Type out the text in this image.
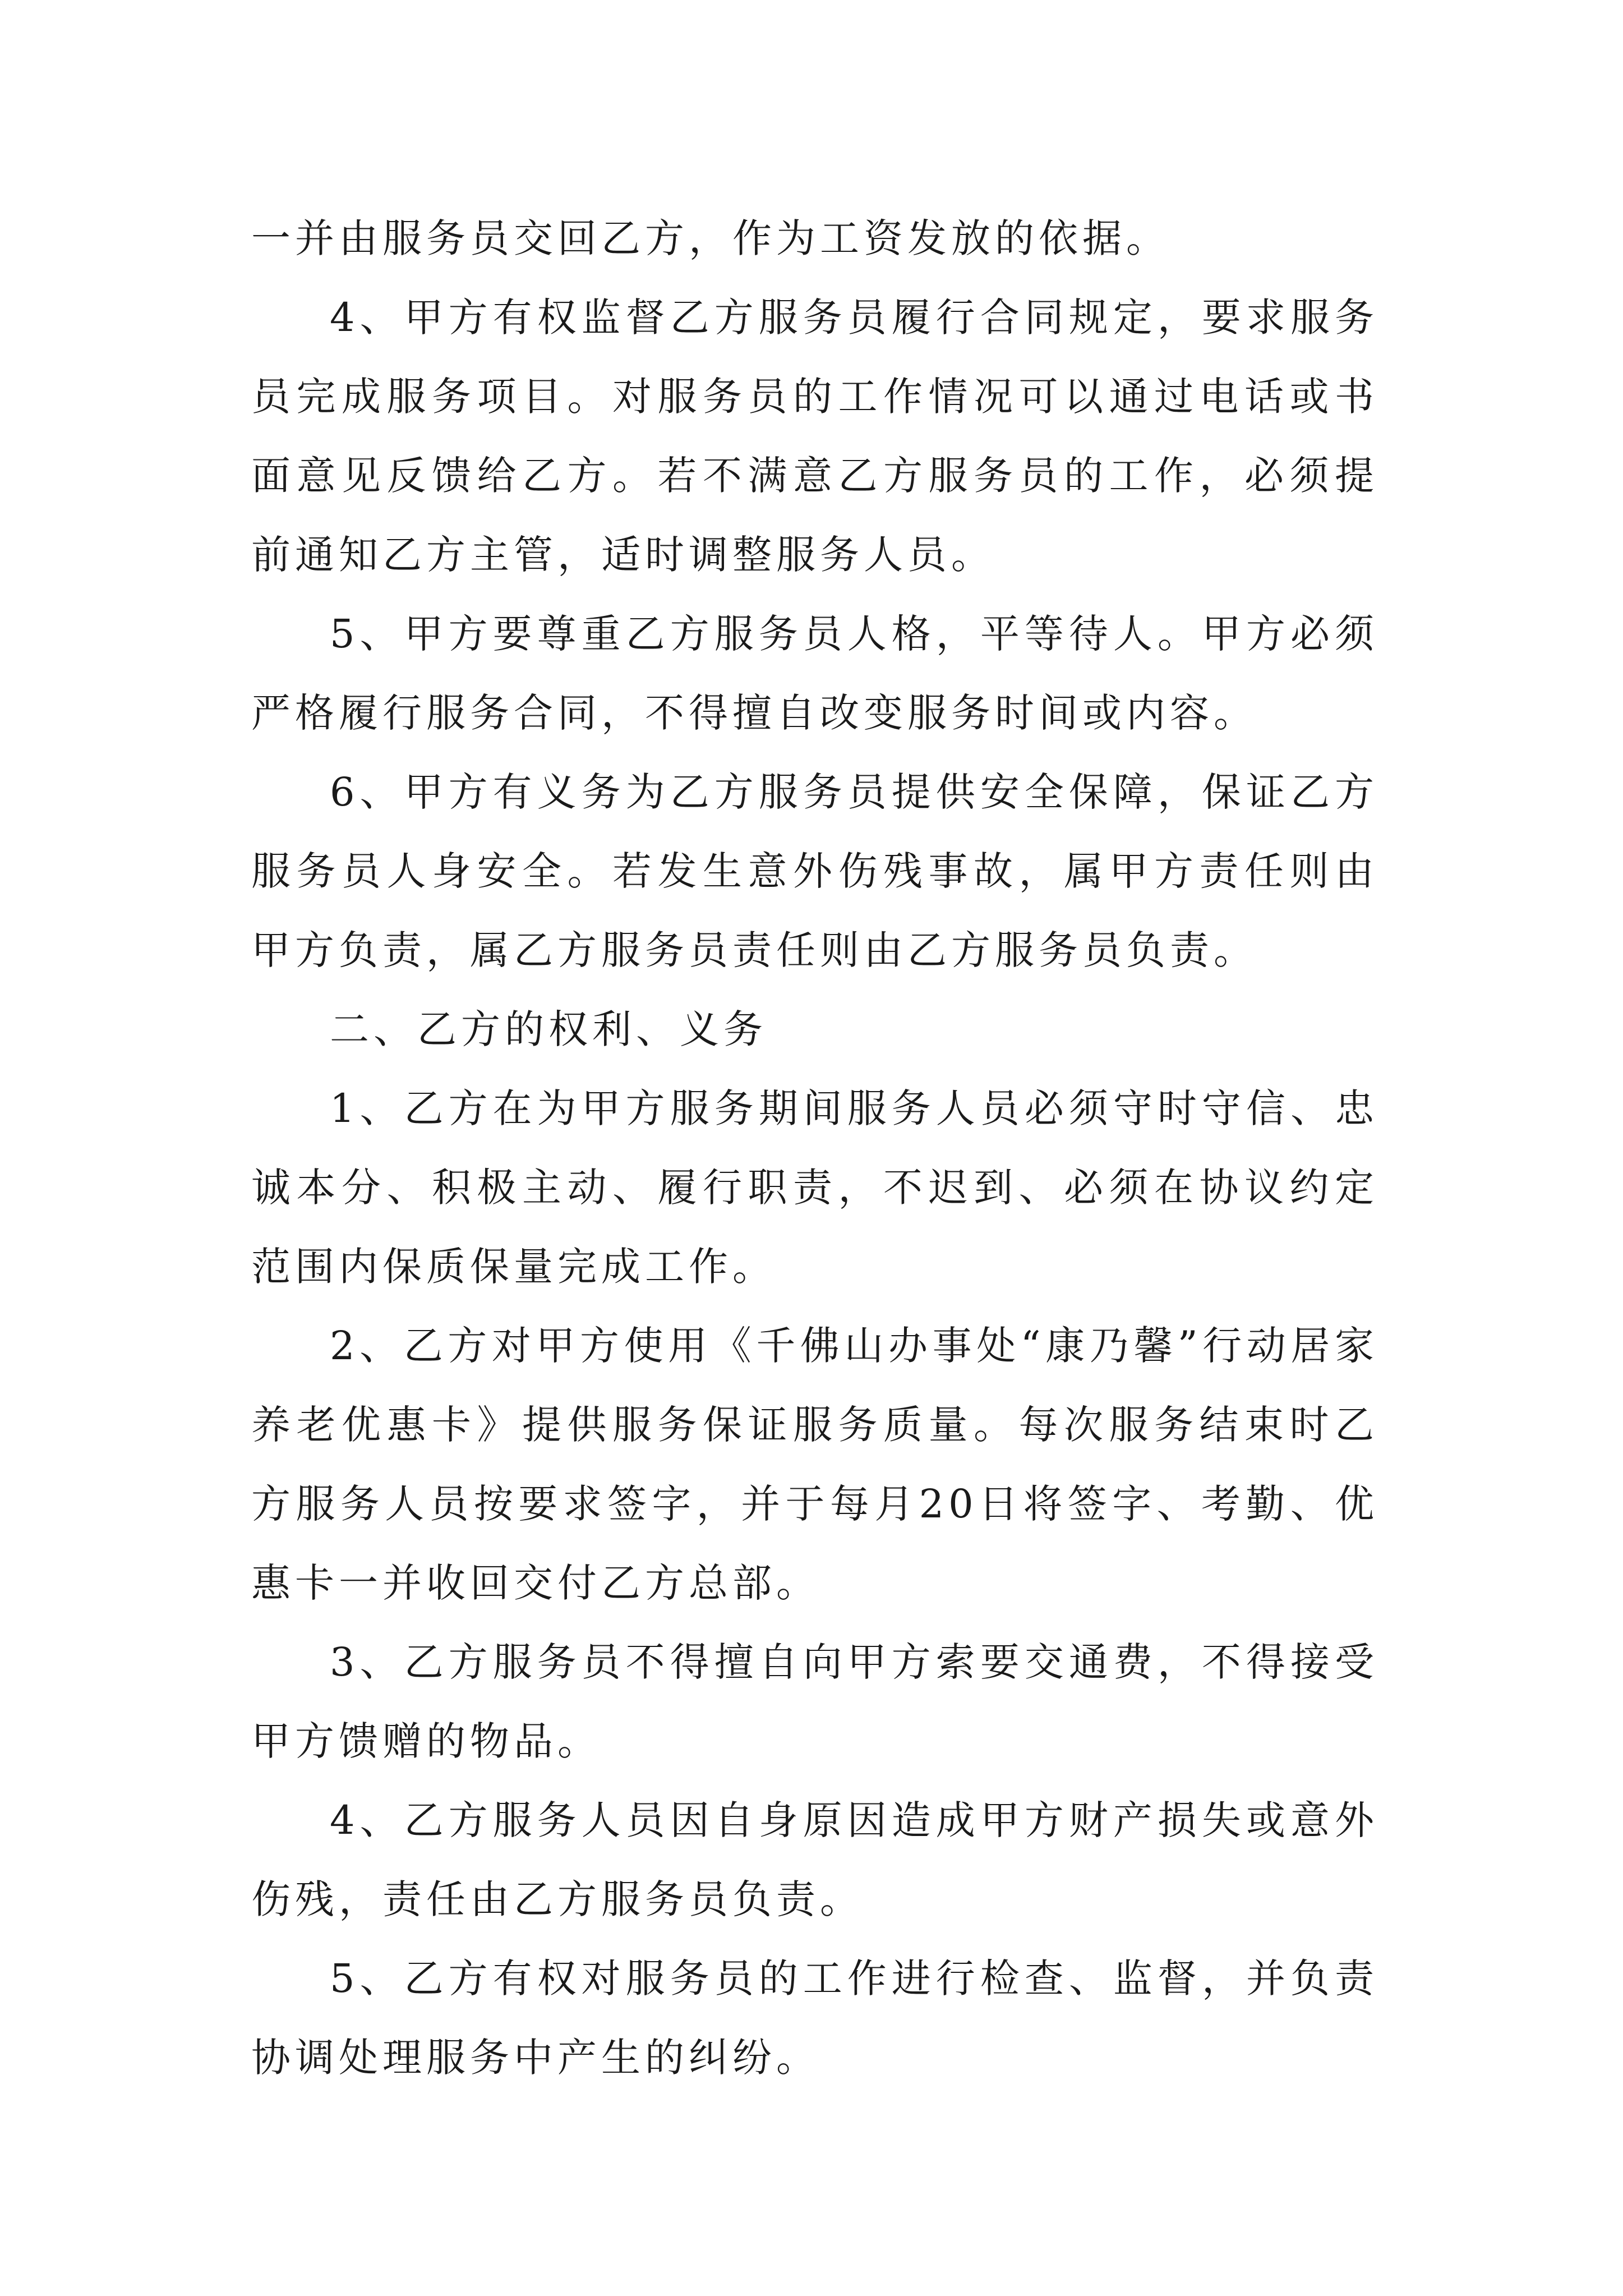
一并由服务员交回乙方，作为工资发放的依据。

4、甲方有权监督乙方服务员履行合同规定，要求服务员完成服务项目。对服务员的工作情况可以通过电话或书面意见反馈给乙方。若不满意乙方服务员的工作，必须提前通知乙方主管，适时调整服务人员。

5、甲方要尊重乙方服务员人格，平等待人。甲方必须严格履行服务合同，不得擅自改变服务时间或内容。

6、甲方有义务为乙方服务员提供安全保障，保证乙方服务员人身安全。若发生意外伤残事故，属甲方责任则由甲方负责，属乙方服务员责任则由乙方服务员负责。

二、乙方的权利、义务

1、乙方在为甲方服务期间服务人员必须守时守信、忠诚本分、积极主动、履行职责，不迟到、必须在协议约定范围内保质保量完成工作。

2、乙方对甲方使用《千佛山办事处“康乃馨”行动居家养老优惠卡》提供服务保证服务质量。每次服务结束时乙方服务人员按要求签字，并于每月20日将签字、考勤、优惠卡一并收回交付乙方总部。

3、乙方服务员不得擅自向甲方索要交通费，不得接受甲方馈赠的物品。

4、乙方服务人员因自身原因造成甲方财产损失或意外伤残，责任由乙方服务员负责。

5、乙方有权对服务员的工作进行检查、监督，并负责协调处理服务中产生的纠纷。
